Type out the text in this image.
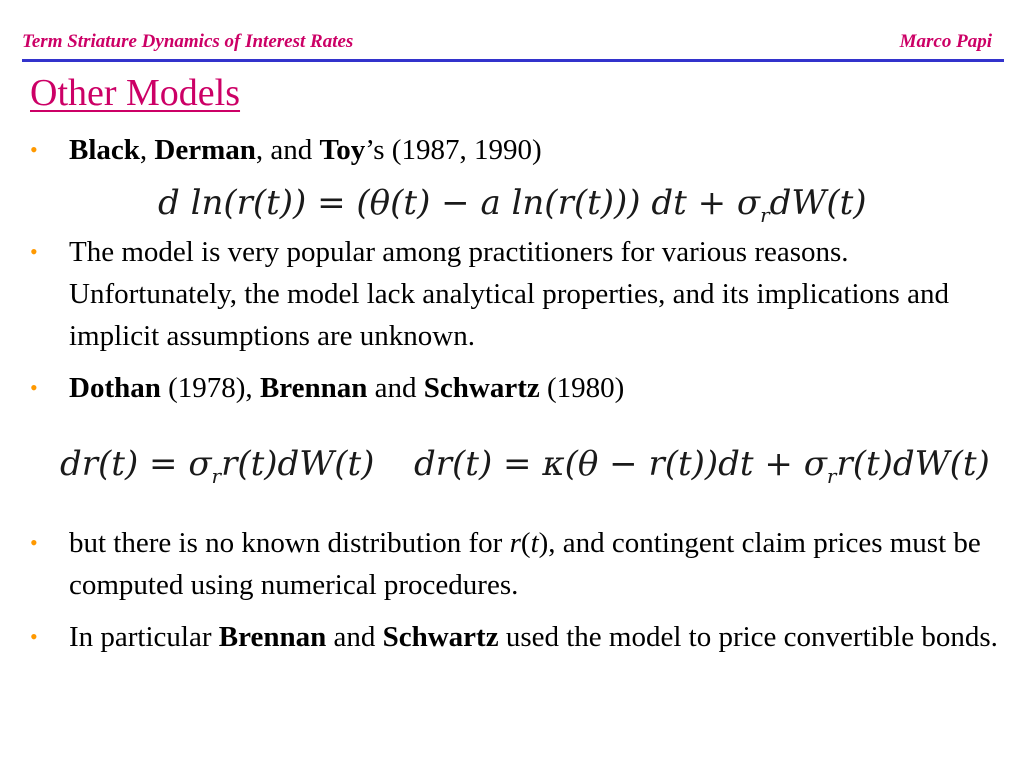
Term Striature Dynamics of Interest Rates	Marco Papi
Other Models
• Black, Derman, and Toy’s (1987, 1990)
d ln(r(t)) = (θ(t) − a ln(r(t))) dt + $\sigma_rdW(t)$
• The model is very popular among practitioners for various reasons. Unfortunately, the model lack analytical properties, and its implications and implicit assumptions are unknown.
• Dothan (1978), Brennan and Schwartz (1980)
$dr(t) = \sigma_rr(t)dW(t) dr(t) = \kappa(\theta - r(t))dt + \sigma_rr(t)dW(t)$
• but there is no known distribution for r(t), and contingent claim prices must be computed using numerical procedures.
• In particular Brennan and Schwartz used the model to price convertible bonds.
